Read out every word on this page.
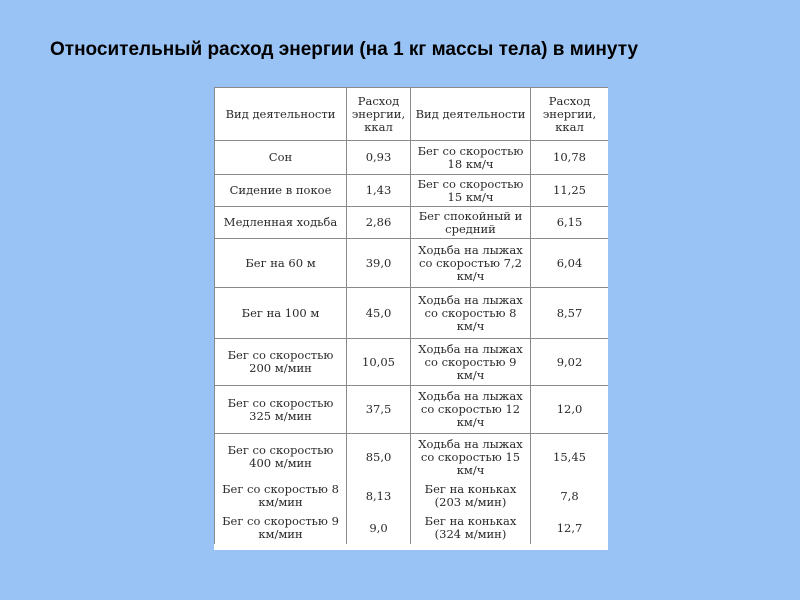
Относительный расход энергии (на 1 кг массы тела) в минуту
Вид деятельности	Расход энергии, ккал	Вид деятельности	Расход энергии, ккал
Сон	0,93	Бег со скоростью 18 км/ч	10,78
Сидение в покое	1,43	Бег со скоростью 15 км/ч	11,25
Медленная ходьба	2,86	Бег спокойный и средний	6,15
Бег на 60 м	39,0	Ходьба на лыжах со скоростью 7,2 км/ч	6,04
Бег на 100 м	45,0	Ходьба на лыжах со скоростью 8 км/ч	8,57
Бег со скоростью 200 м/мин	10,05	Ходьба на лыжах со скоростью 9 км/ч	9,02
Бег со скоростью 325 м/мин	37,5	Ходьба на лыжах со скоростью 12 км/ч	12,0
Бег со скоростью 400 м/мин	85,0	Ходьба на лыжах со скоростью 15 км/ч	15,45
Бег со скоростью 8 км/мин	8,13	Бег на коньках (203 м/мин)	7,8
Бег со скоростью 9 км/мин	9,0	Бег на коньках (324 м/мин)	12,7
